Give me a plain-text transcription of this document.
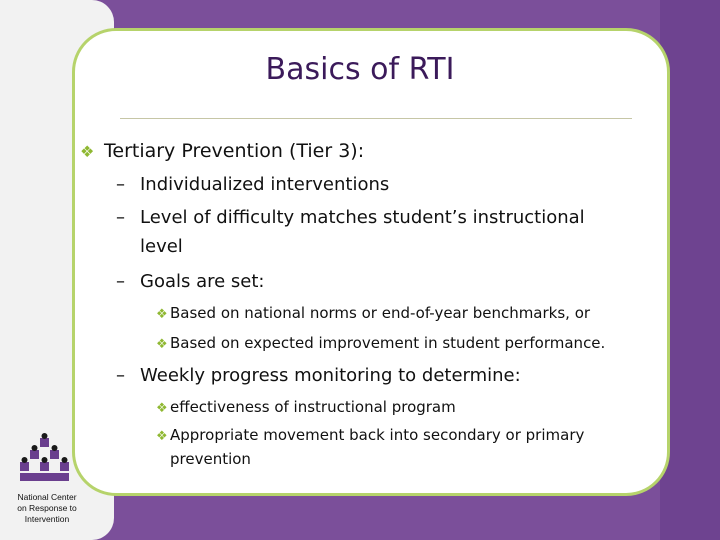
Basics of RTI
❖ Tertiary Prevention (Tier 3):
– Individualized interventions
– Level of difficulty matches student’s instructional
level
– Goals are set:
❖ Based on national norms or end-of-year benchmarks, or
❖ Based on expected improvement in student performance.
– Weekly progress monitoring to determine:
❖ effectiveness of instructional program
❖ Appropriate movement back into secondary or primary
prevention
National Center
on Response to
Intervention
